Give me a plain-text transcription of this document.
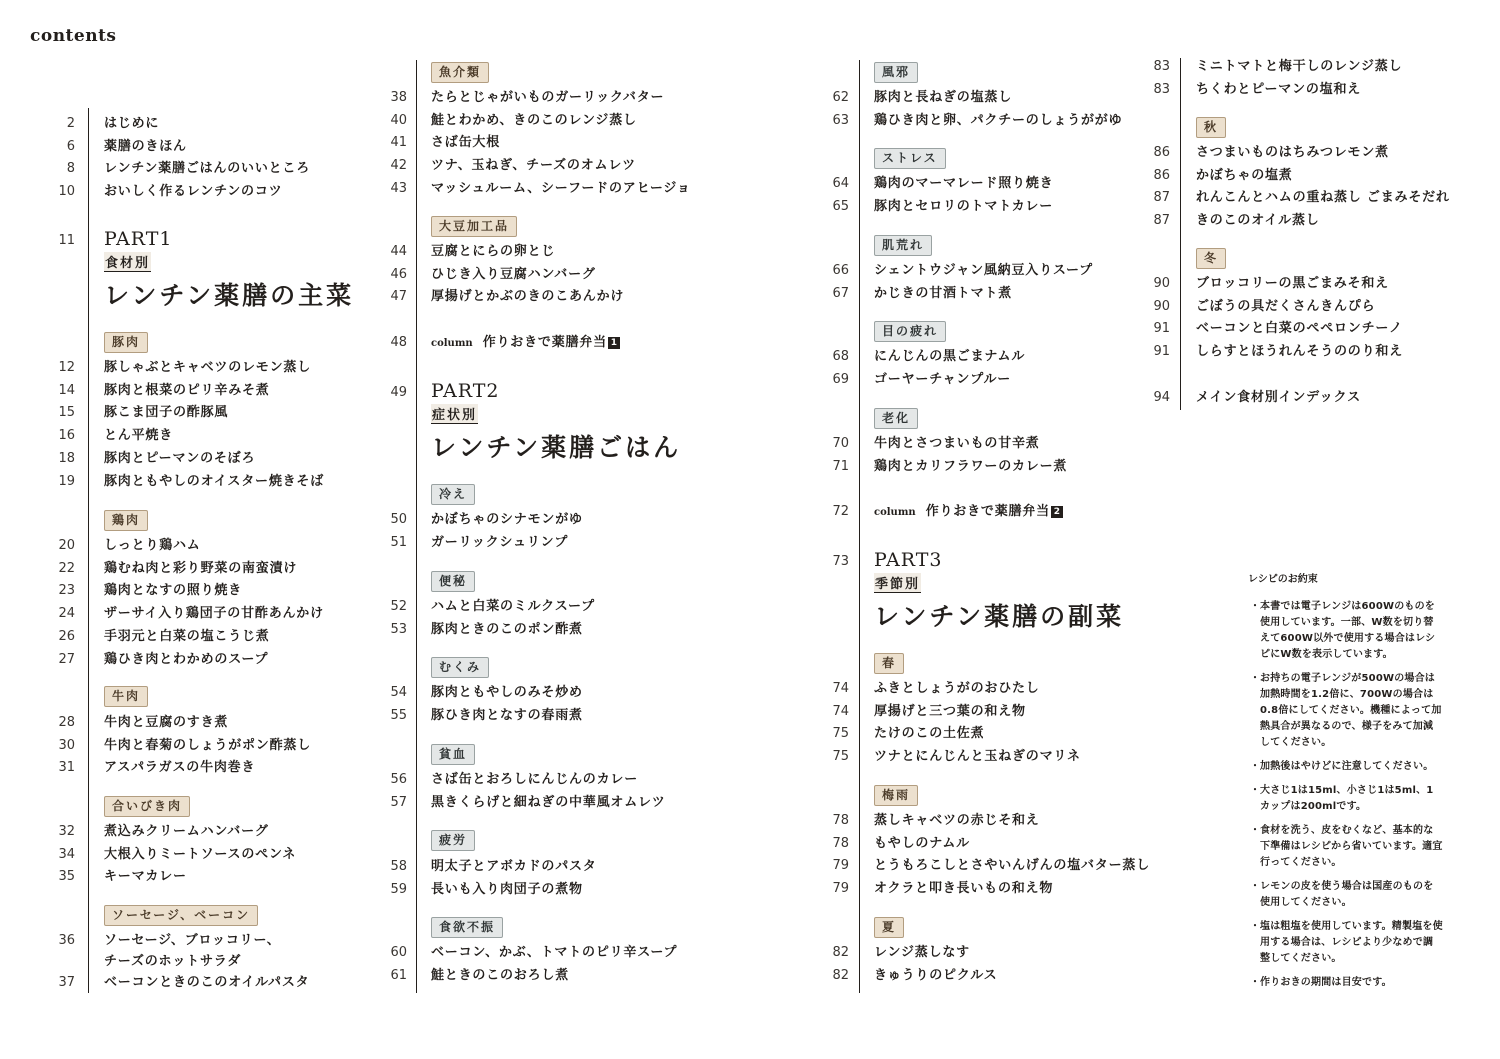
contents
2 はじめに
6 薬膳のきほん
8 レンチン薬膳ごはんのいいところ
10 おいしく作るレンチンのコツ
11 PART1
食材別
レンチン薬膳の主菜
豚肉
12 豚しゃぶとキャベツのレモン蒸し
14 豚肉と根菜のピリ辛みそ煮
15 豚こま団子の酢豚風
16 とん平焼き
18 豚肉とピーマンのそぼろ
19 豚肉ともやしのオイスター焼きそば
鶏肉
20 しっとり鶏ハム
22 鶏むね肉と彩り野菜の南蛮漬け
23 鶏肉となすの照り焼き
24 ザーサイ入り鶏団子の甘酢あんかけ
26 手羽元と白菜の塩こうじ煮
27 鶏ひき肉とわかめのスープ
牛肉
28 牛肉と豆腐のすき煮
30 牛肉と春菊のしょうがポン酢蒸し
31 アスパラガスの牛肉巻き
合いびき肉
32 煮込みクリームハンバーグ
34 大根入りミートソースのペンネ
35 キーマカレー
ソーセージ、ベーコン
36 ソーセージ、ブロッコリー、
チーズのホットサラダ
37 ベーコンときのこのオイルパスタ
魚介類
38 たらとじゃがいものガーリックバター
40 鮭とわかめ、きのこのレンジ蒸し
41 さば缶大根
42 ツナ、玉ねぎ、チーズのオムレツ
43 マッシュルーム、シーフードのアヒージョ
大豆加工品
44 豆腐とにらの卵とじ
46 ひじき入り豆腐ハンバーグ
47 厚揚げとかぶのきのこあんかけ
48 column 作りおきで薬膳弁当 1
49 PART2
症状別
レンチン薬膳ごはん
冷え
50 かぼちゃのシナモンがゆ
51 ガーリックシュリンプ
便秘
52 ハムと白菜のミルクスープ
53 豚肉ときのこのポン酢煮
むくみ
54 豚肉ともやしのみそ炒め
55 豚ひき肉となすの春雨煮
貧血
56 さば缶とおろしにんじんのカレー
57 黒きくらげと細ねぎの中華風オムレツ
疲労
58 明太子とアボカドのパスタ
59 長いも入り肉団子の煮物
食欲不振
60 ベーコン、かぶ、トマトのピリ辛スープ
61 鮭ときのこのおろし煮
風邪
62 豚肉と長ねぎの塩蒸し
63 鶏ひき肉と卵、パクチーのしょうががゆ
ストレス
64 鶏肉のマーマレード照り焼き
65 豚肉とセロリのトマトカレー
肌荒れ
66 シェントウジャン風納豆入りスープ
67 かじきの甘酒トマト煮
目の疲れ
68 にんじんの黒ごまナムル
69 ゴーヤーチャンプルー
老化
70 牛肉とさつまいもの甘辛煮
71 鶏肉とカリフラワーのカレー煮
72	column 作りおきで薬膳弁当 2
73 PART3
季節別
レンチン薬膳の副菜
春
74 ふきとしょうがのおひたし
74 厚揚げと三つ葉の和え物
75 たけのこの土佐煮
75 ツナとにんじんと玉ねぎのマリネ
梅雨
78 蒸しキャベツの赤じそ和え
78 もやしのナムル
79 とうもろこしとさやいんげんの塩バター蒸し
79 オクラと叩き長いもの和え物
夏
82 レンジ蒸しなす
82 きゅうりのピクルス
83 ミニトマトと梅干しのレンジ蒸し
83 ちくわとピーマンの塩和え
秋
86 さつまいものはちみつレモン煮
86 かぼちゃの塩煮
87 れんこんとハムの重ね蒸し ごまみそだれ
87 きのこのオイル蒸し
冬
90 ブロッコリーの黒ごまみそ和え
90 ごぼうの具だくさんきんぴら
91 ベーコンと白菜のペペロンチーノ
91 しらすとほうれんそうののり和え
94 メイン食材別インデックス
レシピのお約束
・ 本書では電子レンジは600Wのものを使用しています。一部、W数を切り替えて600W以外で使用する場合はレシピにW数を表示しています。
・ お持ちの電子レンジが500Wの場合は加熱時間を1.2倍に、700Wの場合は0.8倍にしてください。機種によって加熱具合が異なるので、様子をみて加減してください。
・ 加熱後はやけどに注意してください。
・ 大さじ1は15ml、小さじ1は5ml、1カップは200mlです。
・ 食材を洗う、皮をむくなど、基本的な下準備はレシピから省いています。適宜行ってください。
・ レモンの皮を使う場合は国産のものを使用してください。
・ 塩は粗塩を使用しています。精製塩を使用する場合は、レシピより少なめで調整してください。
・ 作りおきの期間は目安です。
